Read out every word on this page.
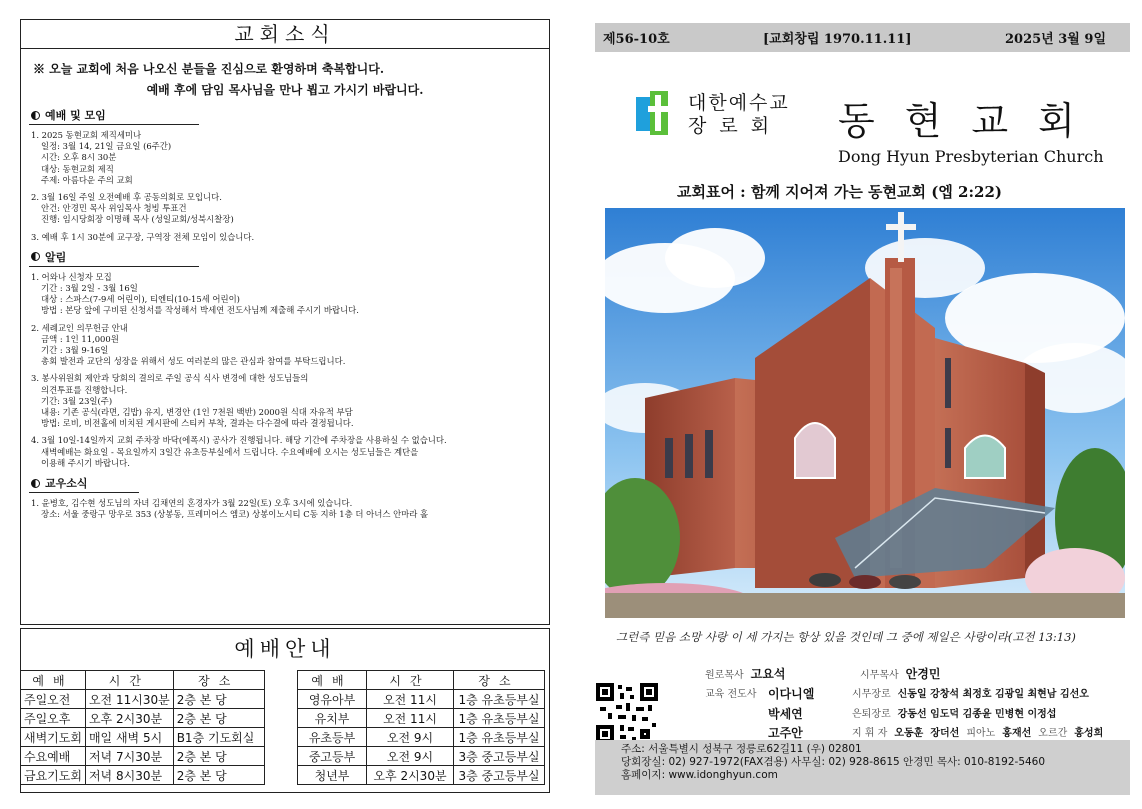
교회소식
※ 오늘 교회에 처음 나오신 분들을 진심으로 환영하며 축복합니다.
예배 후에 담임 목사님을 만나 뵙고 가시기 바랍니다.
예배 및 모임
1. 2025 동현교회 제직세미나
일정: 3월 14, 21일 금요일 (6주간)
시간: 오후 8시 30분
대상: 동현교회 제직
주제: 아름다운 주의 교회
2. 3월 16일 주일 오전예배 후 공동의회로 모입니다.
안건: 안경민 목사 위임목사 청빙 투표건
진행: 임시당회장 이명해 목사 (성일교회/성북시찰장)
3. 예배 후 1시 30분에 교구장, 구역장 전체 모임이 있습니다.
알림
1. 어와나 신청자 모집
기간 : 3월 2일 - 3월 16일
대상 : 스파스(7-9세 어린이), 티엔티(10-15세 어린이)
방법 : 본당 앞에 구비된 신청서를 작성해서 박세연 전도사님께 제출해 주시기 바랍니다.
2. 세례교인 의무헌금 안내
금액 : 1인 11,000원
기간 : 3월 9-16일
총회 발전과 교단의 성장을 위해서 성도 여러분의 많은 관심과 참여를 부탁드립니다.
3. 봉사위원회 제안과 당회의 결의로 주일 공식 식사 변경에 대한 성도님들의
의견투표를 진행합니다.
기간: 3월 23일(주)
내용: 기존 공식(라면, 김밥) 유지, 변경안 (1인 7천원 백반) 2000원 식대 자유적 부담
방법: 로비, 비전홀에 비치된 게시판에 스티커 부착, 결과는 다수결에 따라 결정됩니다.
4. 3월 10일-14일까지 교회 주차장 바닥(에폭시) 공사가 진행됩니다. 해당 기간에 주차장을 사용하실 수 없습니다.
새벽예배는 화요일 - 목요일까지 3일간 유초등부실에서 드립니다. 수요예배에 오시는 성도님들은 계단을
이용해 주시기 바랍니다.
교우소식
1. 윤병호, 김수현 성도님의 자녀 김채연의 혼경자가 3월 22일(토) 오후 3시에 있습니다.
장소: 서울 중랑구 망우로 353 (상봉동, 프레미어스 엠코) 상봉이노시티 C동 지하 1층 더 아너스 안마라 홀
예배안내
예배	시간	장소
주일오전	오전 11시30분	2층 본 당
주일오후	오후 2시30분	2층 본 당
새벽기도회	매일 새벽 5시	B1층 기도회실
수요예배	저녁 7시30분	2층 본 당
금요기도회	저녁 8시30분	2층 본 당
예배	시간	장소
영유아부	오전 11시	1층 유초등부실
유치부	오전 11시	1층 유초등부실
유초등부	오전 9시	1층 유초등부실
중고등부	오전 9시	3층 중고등부실
청년부	오후 2시30분	3층 중고등부실
제56-10호	[교회창립 1970.11.11]	2025년 3월 9일
대한예수교
장로회 동현교회
Dong Hyun Presbyterian Church
교회표어 : 함께 지어져 가는 동현교회 (엡 2:22)
그런즉 믿음 소망 사랑 이 세 가지는 항상 있을 것인데 그 중에 제일은 사랑이라(고전 13:13)
원로목사 고요석	시무목사 안경민
교육 전도사 이다니엘
박세연
고주안
시무장로 신동일 강창석 최정호 김광일 최현남 김선오
은퇴장로 강동선 임도덕 김종윤 민병현 이정섭
지 휘 자 오동훈 장더선 피아노 홍재선 오르간 홍성희
주소: 서울특별시 성북구 정릉로62길11 (우) 02801
당회장실: 02) 927-1972(FAX겸용) 사무실: 02) 928-8615 안경민 목사: 010-8192-5460
홈페이지: www.idonghyun.com
